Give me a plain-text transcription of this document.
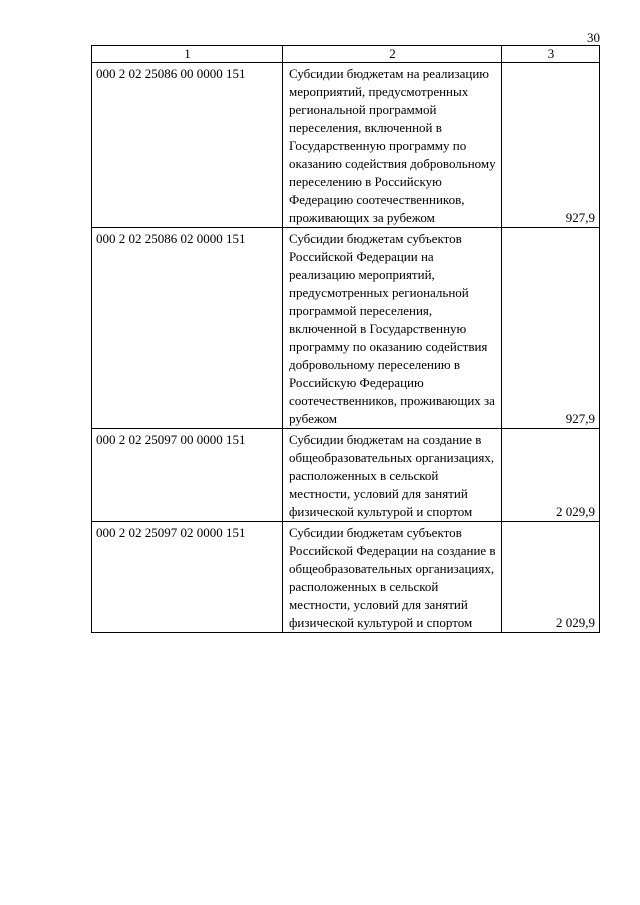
30
1	2	3
000 2 02 25086 00 0000 151	Субсидии бюджетам на реализацию мероприятий, предусмотренных региональной программой переселения, включенной в Государственную программу по оказанию содействия добровольному переселению в Российскую Федерацию соотечественников, проживающих за рубежом	927,9
000 2 02 25086 02 0000 151	Субсидии бюджетам субъектов Российской Федерации на реализацию мероприятий, предусмотренных региональной программой переселения, включенной в Государственную программу по оказанию содействия добровольному переселению в Российскую Федерацию соотечественников, проживающих за рубежом	927,9
000 2 02 25097 00 0000 151	Субсидии бюджетам на создание в общеобразовательных организациях, расположенных в сельской местности, условий для занятий физической культурой и спортом	2 029,9
000 2 02 25097 02 0000 151	Субсидии бюджетам субъектов Российской Федерации на создание в общеобразовательных организациях, расположенных в сельской местности, условий для занятий физической культурой и спортом	2 029,9
